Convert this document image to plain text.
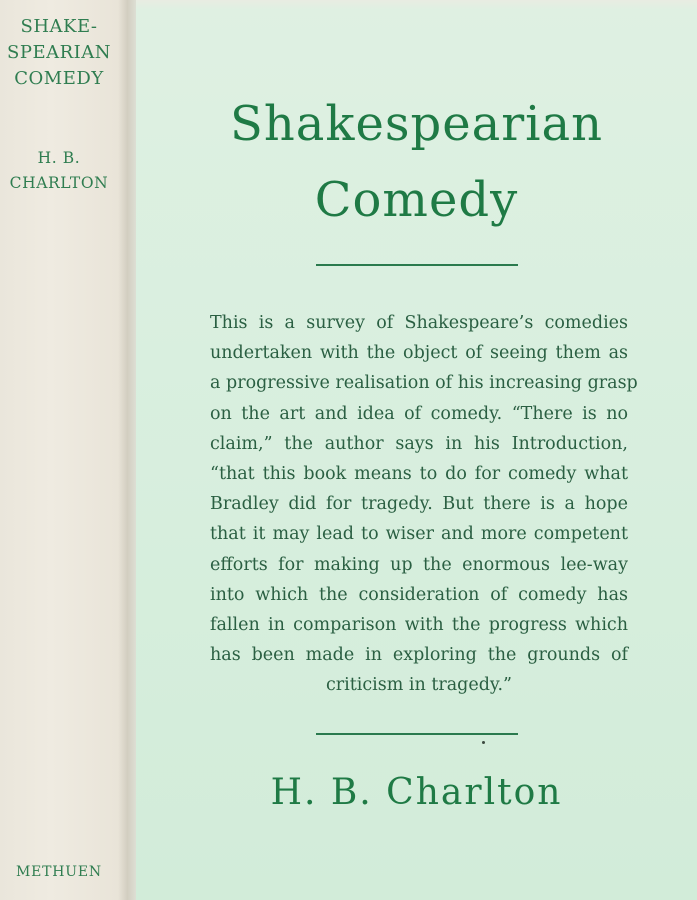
SHAKE-
SPEARIAN
COMEDY
H. B.
CHARLTON
METHUEN
Shakespearian
Comedy
This is a survey of Shakespeare’s comedies
undertaken with the object of seeing them as
a progressive realisation of his increasing grasp
on the art and idea of comedy. “There is no
claim,” the author says in his Introduction,
“that this book means to do for comedy what
Bradley did for tragedy. But there is a hope
that it may lead to wiser and more competent
efforts for making up the enormous lee-way
into which the consideration of comedy has
fallen in comparison with the progress which
has been made in exploring the grounds of
criticism in tragedy.”
H. B. Charlton
